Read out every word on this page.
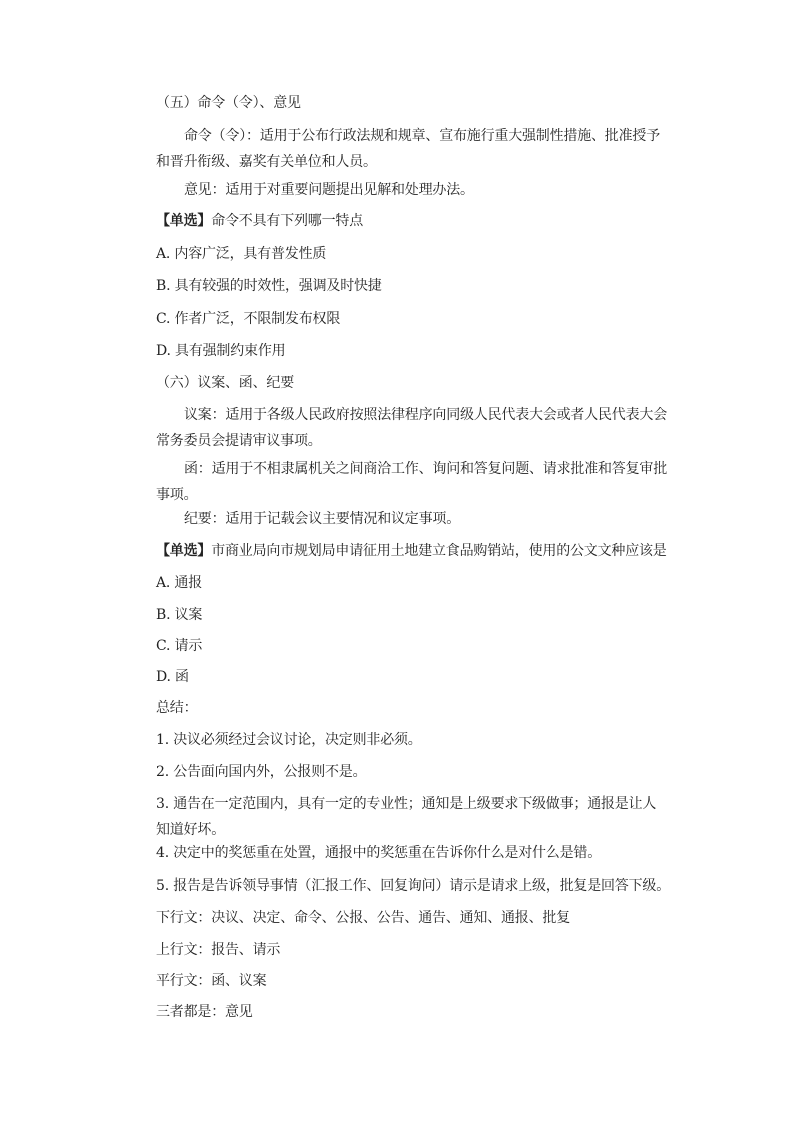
（五）命令（令）、意见
命令（令）：适用于公布行政法规和规章、宣布施行重大强制性措施、批准授予和晋升衔级、嘉奖有关单位和人员。
意见：适用于对重要问题提出见解和处理办法。
【单选】命令不具有下列哪一特点
A. 内容广泛，具有普发性质
B. 具有较强的时效性，强调及时快捷
C. 作者广泛，不限制发布权限
D. 具有强制约束作用
（六）议案、函、纪要
议案：适用于各级人民政府按照法律程序向同级人民代表大会或者人民代表大会常务委员会提请审议事项。
函：适用于不相隶属机关之间商洽工作、询问和答复问题、请求批准和答复审批事项。
纪要：适用于记载会议主要情况和议定事项。
【单选】市商业局向市规划局申请征用土地建立食品购销站，使用的公文文种应该是
A. 通报
B. 议案
C. 请示
D. 函
总结：
1. 决议必须经过会议讨论，决定则非必须。
2. 公告面向国内外，公报则不是。
3. 通告在一定范围内，具有一定的专业性；通知是上级要求下级做事；通报是让人知道好坏。
4. 决定中的奖惩重在处置，通报中的奖惩重在告诉你什么是对什么是错。
5. 报告是告诉领导事情（汇报工作、回复询问）请示是请求上级，批复是回答下级。
下行文：决议、决定、命令、公报、公告、通告、通知、通报、批复
上行文：报告、请示
平行文：函、议案
三者都是：意见
